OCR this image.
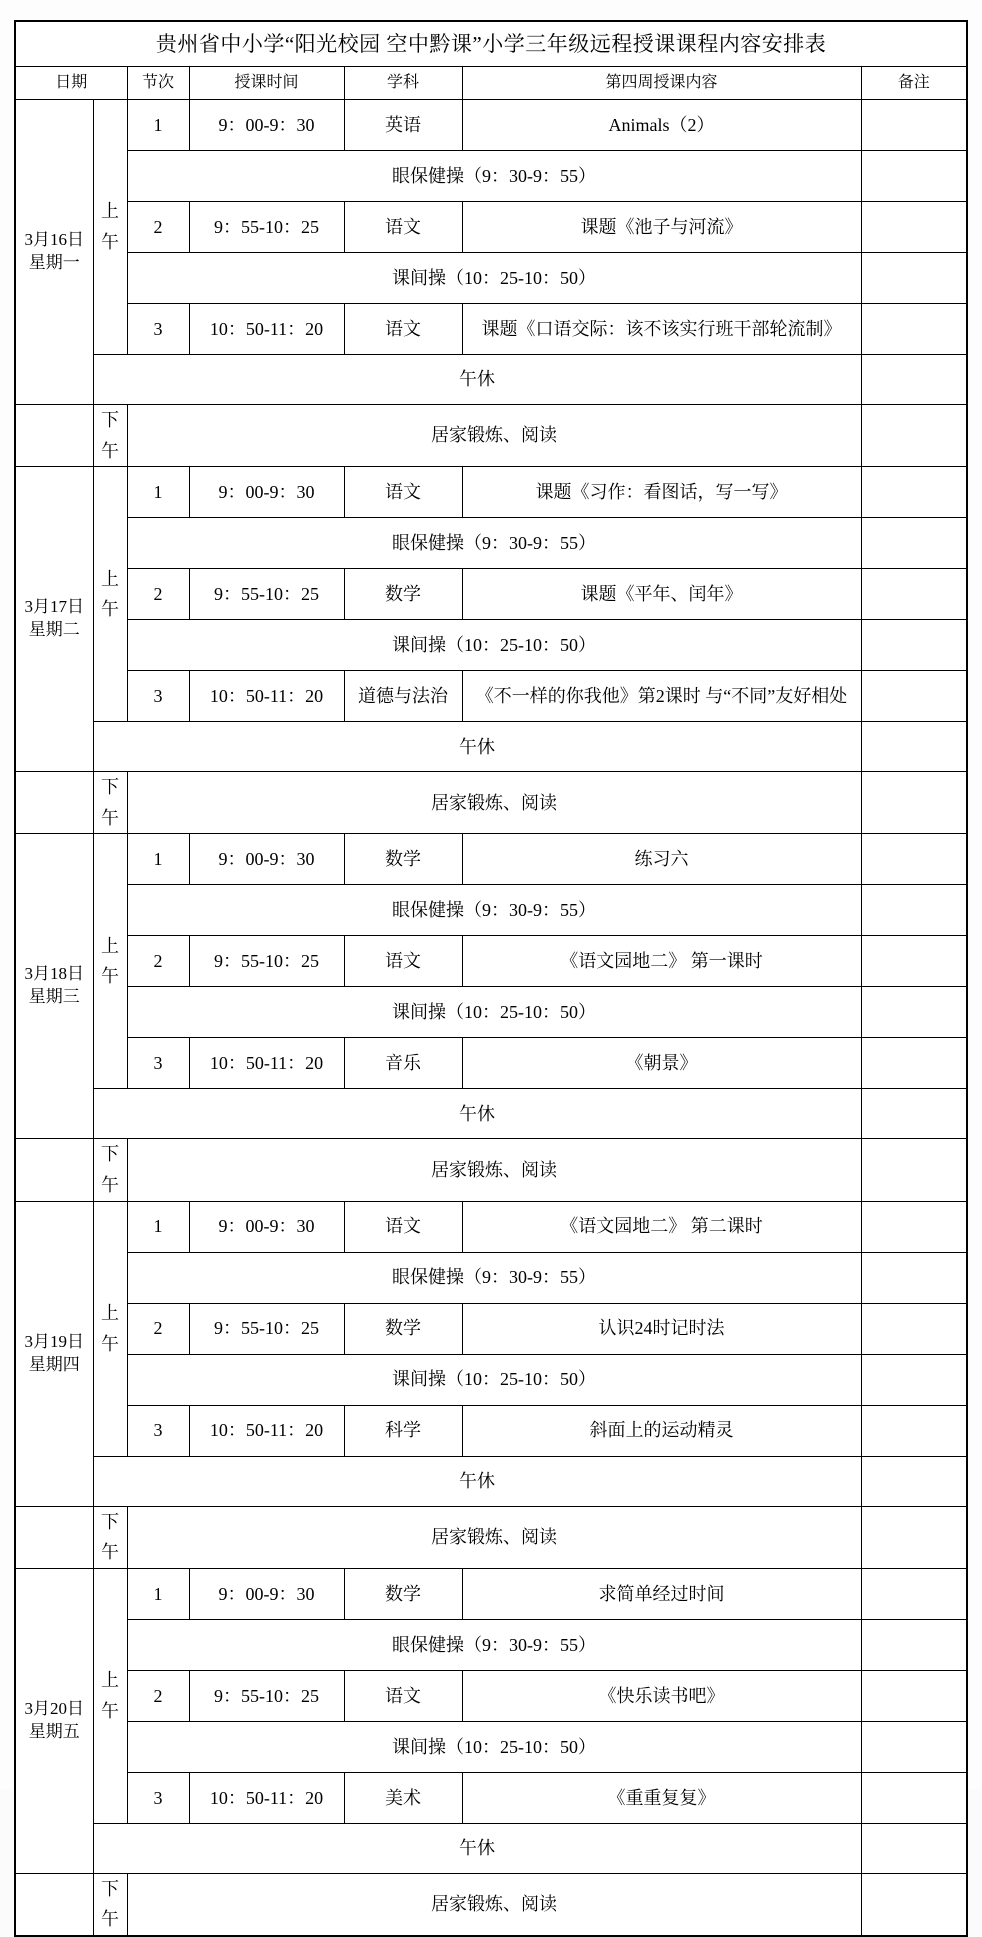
贵州省中小学“阳光校园 空中黔课”小学三年级远程授课课程内容安排表						
日期		节次	授课时间	学科	第四周授课内容	备注

3月16日
星期一	上午	1	9：00-9：30	英语	Animals（2）	
		眼保健操（9：30-9：55）				
		2	9：55-10：25	语文	课题《池子与河流》	
		课间操（10：25-10：50）				
		3	10：50-11：20	语文	课题《口语交际：该不该实行班干部轮流制》	
	午休					
	下午	居家锻炼、阅读				

3月17日
星期二	上午	1	9：00-9：30	语文	课题《习作：看图话，写一写》	
		眼保健操（9：30-9：55）				
		2	9：55-10：25	数学	课题《平年、闰年》	
		课间操（10：25-10：50）				
		3	10：50-11：20	道德与法治	《不一样的你我他》第2课时 与“不同”友好相处	
	午休					
	下午	居家锻炼、阅读				

3月18日
星期三	上午	1	9：00-9：30	数学	练习六	
		眼保健操（9：30-9：55）				
		2	9：55-10：25	语文	《语文园地二》 第一课时	
		课间操（10：25-10：50）				
		3	10：50-11：20	音乐	《朝景》	
	午休					
	下午	居家锻炼、阅读				

3月19日
星期四	上午	1	9：00-9：30	语文	《语文园地二》 第二课时	
		眼保健操（9：30-9：55）				
		2	9：55-10：25	数学	认识24时记时法	
		课间操（10：25-10：50）				
		3	10：50-11：20	科学	斜面上的运动精灵	
	午休					
	下午	居家锻炼、阅读				

3月20日
星期五	上午	1	9：00-9：30	数学	求简单经过时间	
		眼保健操（9：30-9：55）				
		2	9：55-10：25	语文	《快乐读书吧》	
		课间操（10：25-10：50）				
		3	10：50-11：20	美术	《重重复复》	
	午休					
	下午	居家锻炼、阅读				
